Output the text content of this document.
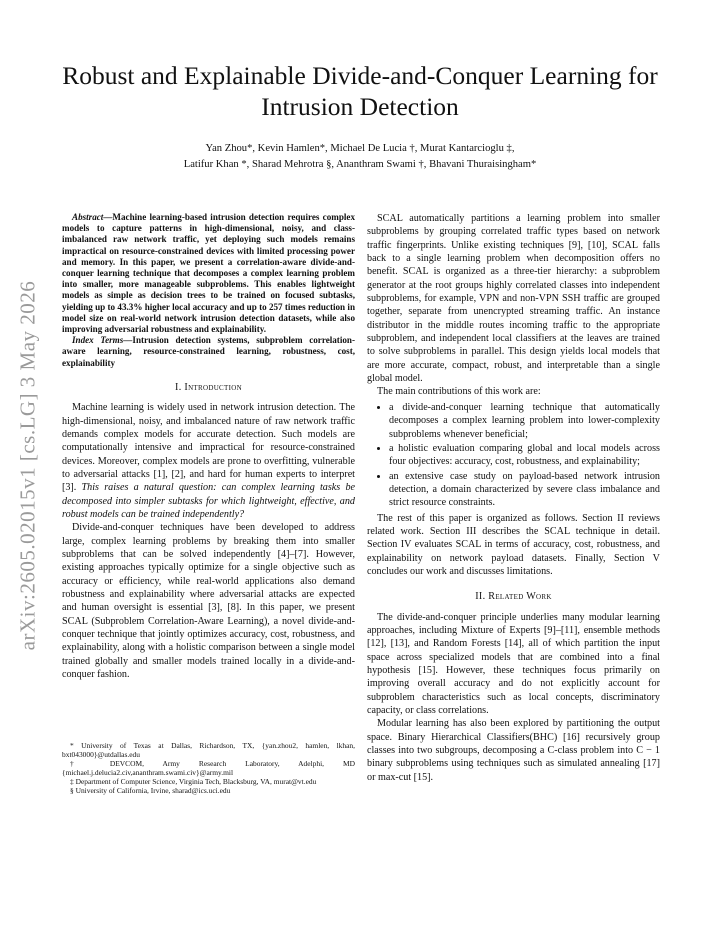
arXiv:2605.02015v1 [cs.LG] 3 May 2026
Robust and Explainable Divide-and-Conquer Learning for Intrusion Detection
Yan Zhou*, Kevin Hamlen*, Michael De Lucia †, Murat Kantarcioglu ‡,
Latifur Khan *, Sharad Mehrotra §, Ananthram Swami †, Bhavani Thuraisingham*

Abstract—Machine learning-based intrusion detection requires complex models to capture patterns in high-dimensional, noisy, and class-imbalanced raw network traffic, yet deploying such models remains impractical on resource-constrained devices with limited processing power and memory. In this paper, we present a correlation-aware divide-and-conquer learning technique that decomposes a complex learning problem into smaller, more manageable subproblems. This enables lightweight models as simple as decision trees to be trained on focused subtasks, yielding up to 43.3% higher local accuracy and up to 257 times reduction in model size on real-world network intrusion detection datasets, while also improving adversarial robustness and explainability.

Index Terms—Intrusion detection systems, subproblem correlation-aware learning, resource-constrained learning, robustness, cost, explainability

I. Introduction

Machine learning is widely used in network intrusion detection. The high-dimensional, noisy, and imbalanced nature of raw network traffic demands complex models for accurate detection. Such models are computationally intensive and impractical for resource-constrained devices. Moreover, complex models are prone to overfitting, vulnerable to adversarial attacks [1], [2], and hard for human experts to interpret [3]. This raises a natural question: can complex learning tasks be decomposed into simpler subtasks for which lightweight, effective, and robust models can be trained independently?

Divide-and-conquer techniques have been developed to address large, complex learning problems by breaking them into smaller subproblems that can be solved independently [4]–[7]. However, existing approaches typically optimize for a single objective such as accuracy or efficiency, while real-world applications also demand robustness and explainability where adversarial attacks are expected and human oversight is essential [3], [8]. In this paper, we present SCAL (Subproblem Correlation-Aware Learning), a novel divide-and-conquer technique that jointly optimizes accuracy, cost, robustness, and explainability, along with a holistic comparison between a single model trained globally and smaller models trained locally in a divide-and-conquer fashion.

* University of Texas at Dallas, Richardson, TX, {yan.zhou2, hamlen, lkhan, bxt043000}@utdallas.edu

† DEVCOM, Army Research Laboratory, Adelphi, MD {michael.j.delucia2.civ,ananthram.swami.civ}@army.mil

‡ Department of Computer Science, Virginia Tech, Blacksburg, VA, murat@vt.edu

§ University of California, Irvine, sharad@ics.uci.edu

SCAL automatically partitions a learning problem into smaller subproblems by grouping correlated traffic types based on network traffic fingerprints. Unlike existing techniques [9], [10], SCAL falls back to a single learning problem when decomposition offers no benefit. SCAL is organized as a three-tier hierarchy: a subproblem generator at the root groups highly correlated classes into independent subproblems, for example, VPN and non-VPN SSH traffic are grouped together, separate from unencrypted streaming traffic. An instance distributor in the middle routes incoming traffic to the appropriate subproblem, and independent local classifiers at the leaves are trained to solve subproblems in parallel. This design yields local models that are more accurate, compact, robust, and interpretable than a single global model.

The main contributions of this work are:

• a divide-and-conquer learning technique that automatically decomposes a complex learning problem into lower-complexity subproblems whenever beneficial;
• a holistic evaluation comparing global and local models across four objectives: accuracy, cost, robustness, and explainability;
• an extensive case study on payload-based network intrusion detection, a domain characterized by severe class imbalance and strict resource constraints.

The rest of this paper is organized as follows. Section II reviews related work. Section III describes the SCAL technique in detail. Section IV evaluates SCAL in terms of accuracy, cost, robustness, and explainability on network payload datasets. Finally, Section V concludes our work and discusses limitations.

II. Related Work

The divide-and-conquer principle underlies many modular learning approaches, including Mixture of Experts [9]–[11], ensemble methods [12], [13], and Random Forests [14], all of which partition the input space across specialized models that are combined into a final hypothesis [15]. However, these techniques focus primarily on improving overall accuracy and do not explicitly account for subproblem characteristics such as local concepts, discriminatory capacity, or class correlations.

Modular learning has also been explored by partitioning the output space. Binary Hierarchical Classifiers(BHC) [16] recursively group classes into two subgroups, decomposing a C-class problem into C − 1 binary subproblems using techniques such as simulated annealing [17] or max-cut [15].
